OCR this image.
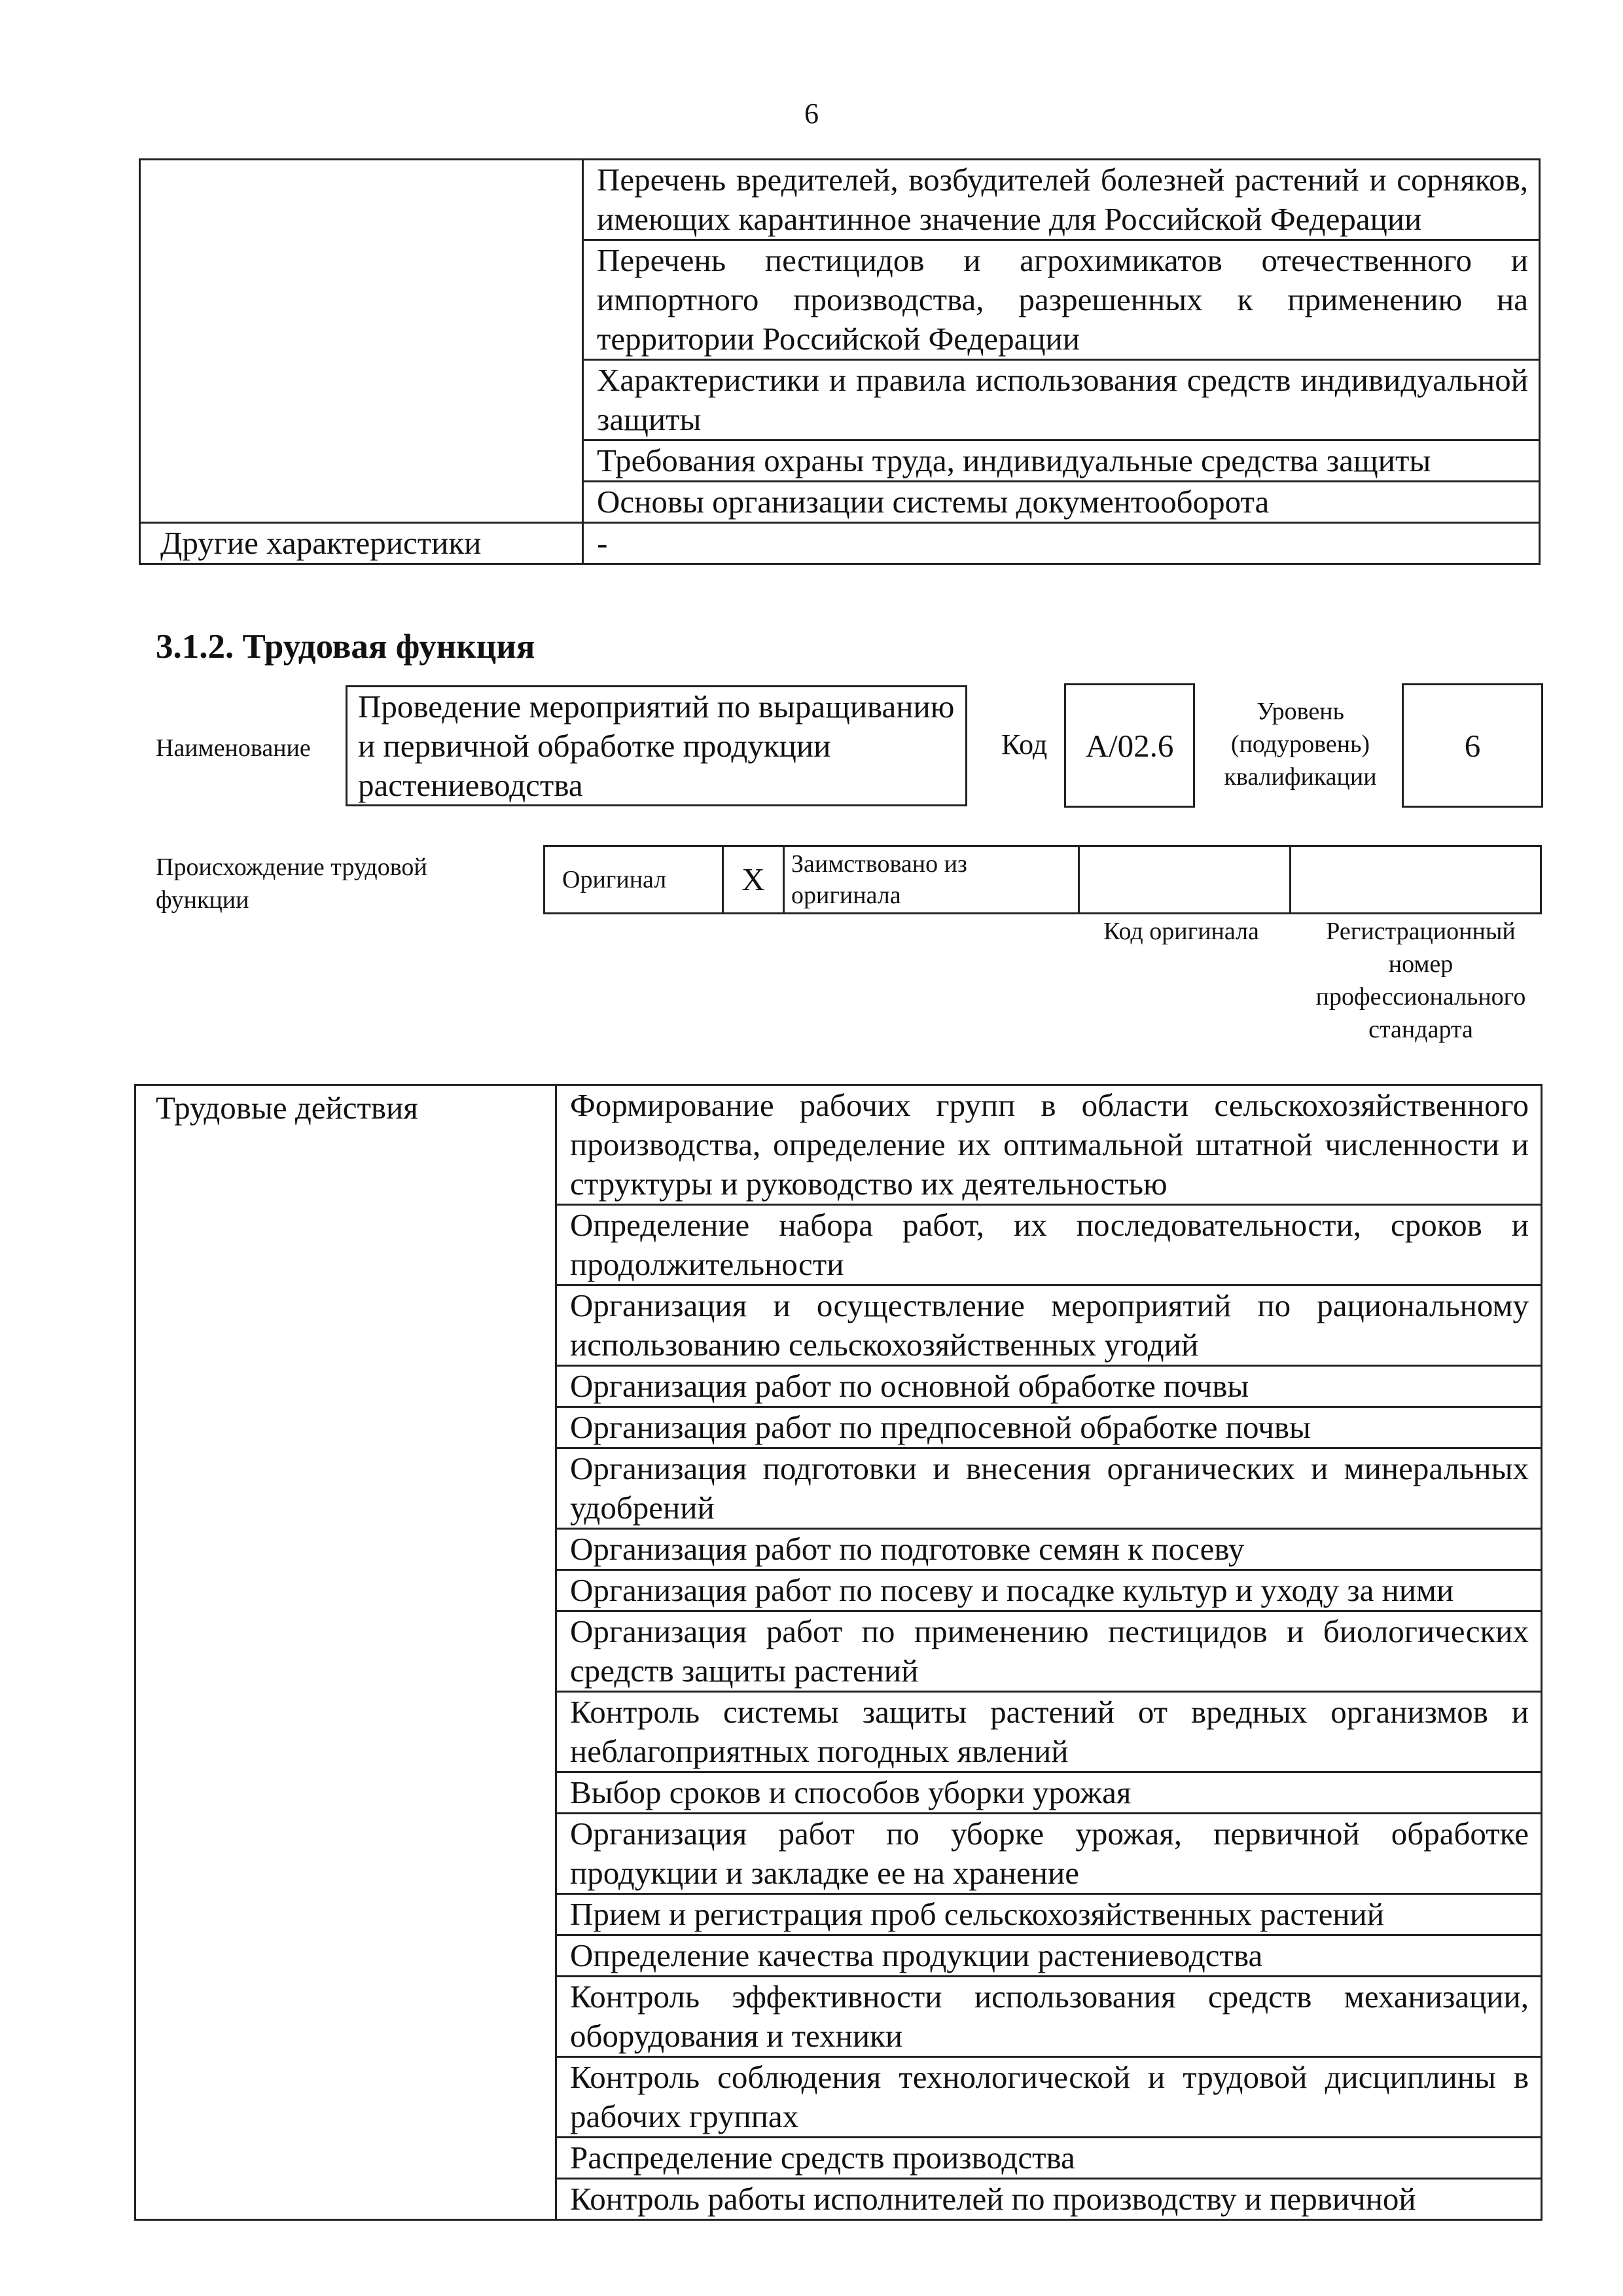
6
	Перечень вредителей, возбудителей болезней растений и сорняков, имеющих карантинное значение для Российской Федерации
	Перечень пестицидов и агрохимикатов отечественного и импортного производства, разрешенных к применению на территории Российской Федерации
	Характеристики и правила использования средств индивидуальной защиты
	Требования охраны труда, индивидуальные средства защиты
	Основы организации системы документооборота
Другие характеристики	-
3.1.2. Трудовая функция
Наименование
Проведение мероприятий по выращиванию и первичной обработке продукции растениеводства
Код	А/02.6
Уровень (подуровень) квалификации
6
Происхождение трудовой функции
Оригинал	X	Заимствовано из оригинала		
Код оригинала	Регистрационный номер профессионального стандарта
Трудовые действия	Формирование рабочих групп в области сельскохозяйственного производства, определение их оптимальной штатной численности и структуры и руководство их деятельностью
Определение набора работ, их последовательности, сроков и продолжительности
Организация и осуществление мероприятий по рациональному использованию сельскохозяйственных угодий
Организация работ по основной обработке почвы
Организация работ по предпосевной обработке почвы
Организация подготовки и внесения органических и минеральных удобрений
Организация работ по подготовке семян к посеву
Организация работ по посеву и посадке культур и уходу за ними
Организация работ по применению пестицидов и биологических средств защиты растений
Контроль системы защиты растений от вредных организмов и неблагоприятных погодных явлений
Выбор сроков и способов уборки урожая
Организация работ по уборке урожая, первичной обработке продукции и закладке ее на хранение
Прием и регистрация проб сельскохозяйственных растений
Определение качества продукции растениеводства
Контроль эффективности использования средств механизации, оборудования и техники
Контроль соблюдения технологической и трудовой дисциплины в рабочих группах
Распределение средств производства
Контроль работы исполнителей по производству и первичной
